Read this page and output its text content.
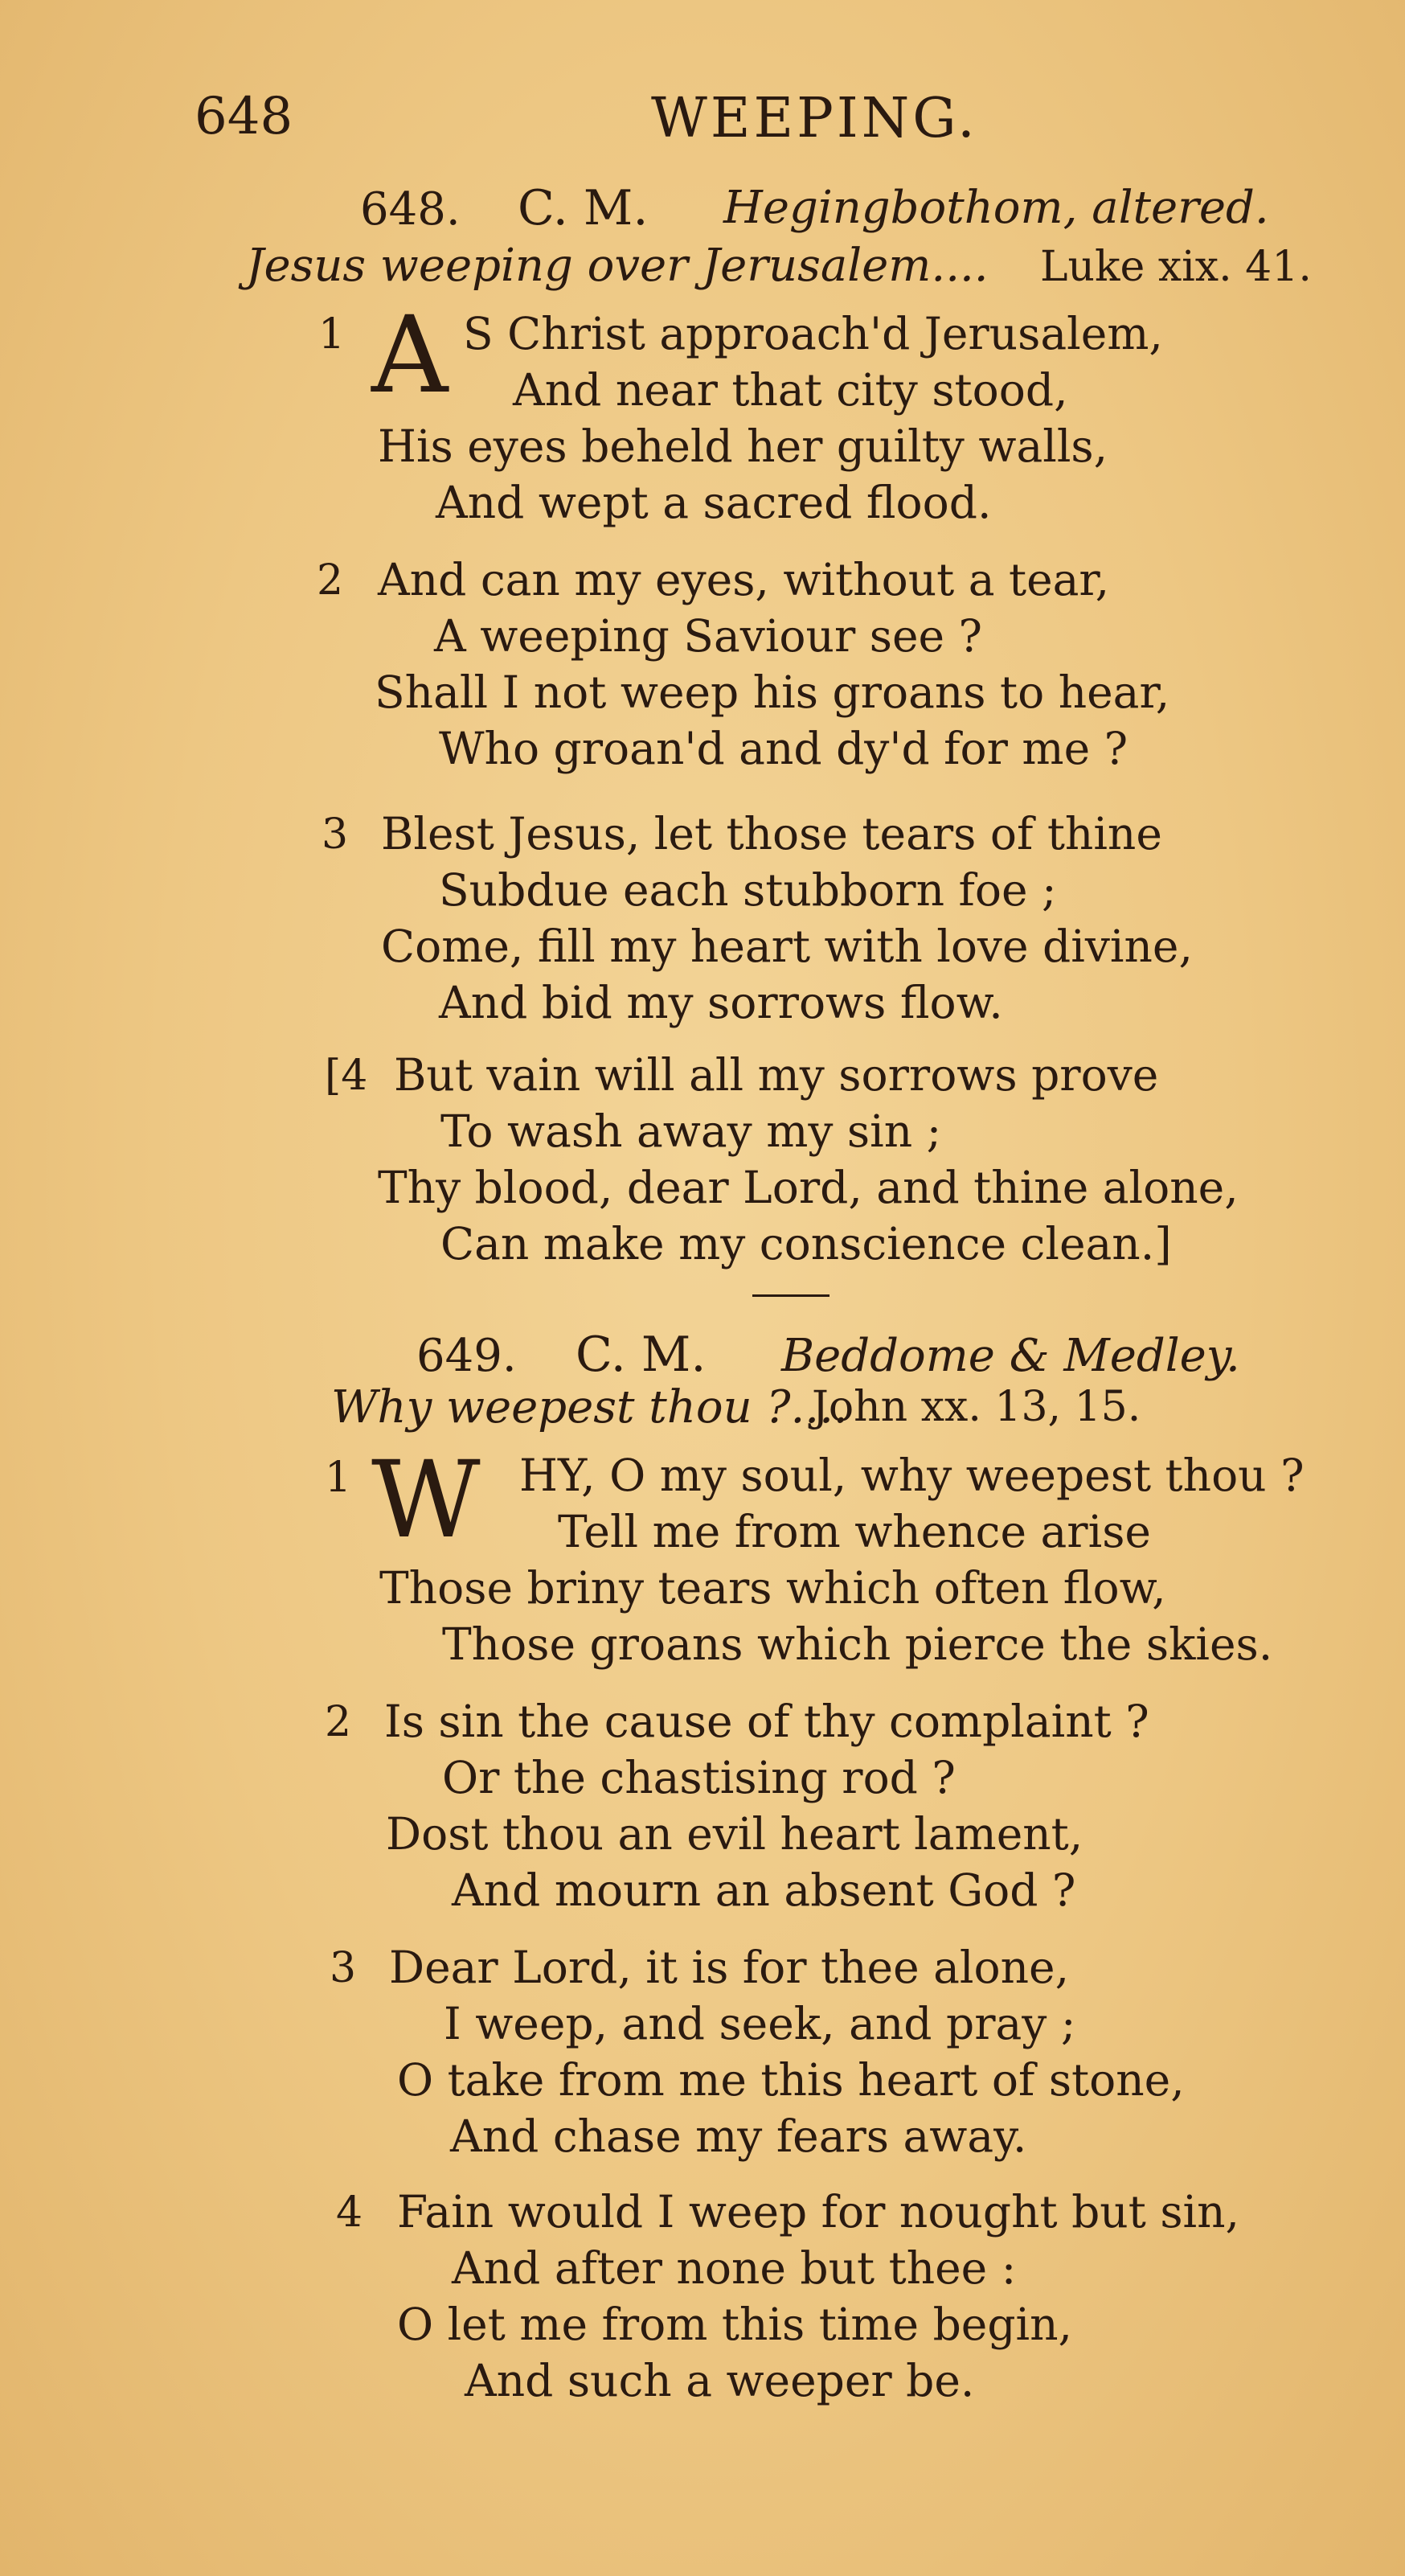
648	WEEPING.
648. C. M. Hegingbothom, altered.
Jesus weeping over Jerusalem.... Luke xix. 41.
1 A S Christ approach'd Jerusalem,
And near that city stood,
His eyes beheld her guilty walls,
And wept a sacred flood.
2 And can my eyes, without a tear,
A weeping Saviour see ?
Shall I not weep his groans to hear,
Who groan'd and dy'd for me ?
3 Blest Jesus, let those tears of thine
Subdue each stubborn foe ;
Come, fill my heart with love divine,
And bid my sorrows flow.
[4 But vain will all my sorrows prove
To wash away my sin ;
Thy blood, dear Lord, and thine alone,
Can make my conscience clean.]
649. C. M. Beddome & Medley.
Why weepest thou ?....
John xx. 13, 15.
1 W HY, O my soul, why weepest thou ?
Tell me from whence arise
Those briny tears which often flow,
Those groans which pierce the skies.
2 Is sin the cause of thy complaint ?
Or the chastising rod ?
Dost thou an evil heart lament,
And mourn an absent God ?
3 Dear Lord, it is for thee alone,
I weep, and seek, and pray ;
O take from me this heart of stone,
And chase my fears away.
4 Fain would I weep for nought but sin,
And after none but thee :
O let me from this time begin,
And such a weeper be.
